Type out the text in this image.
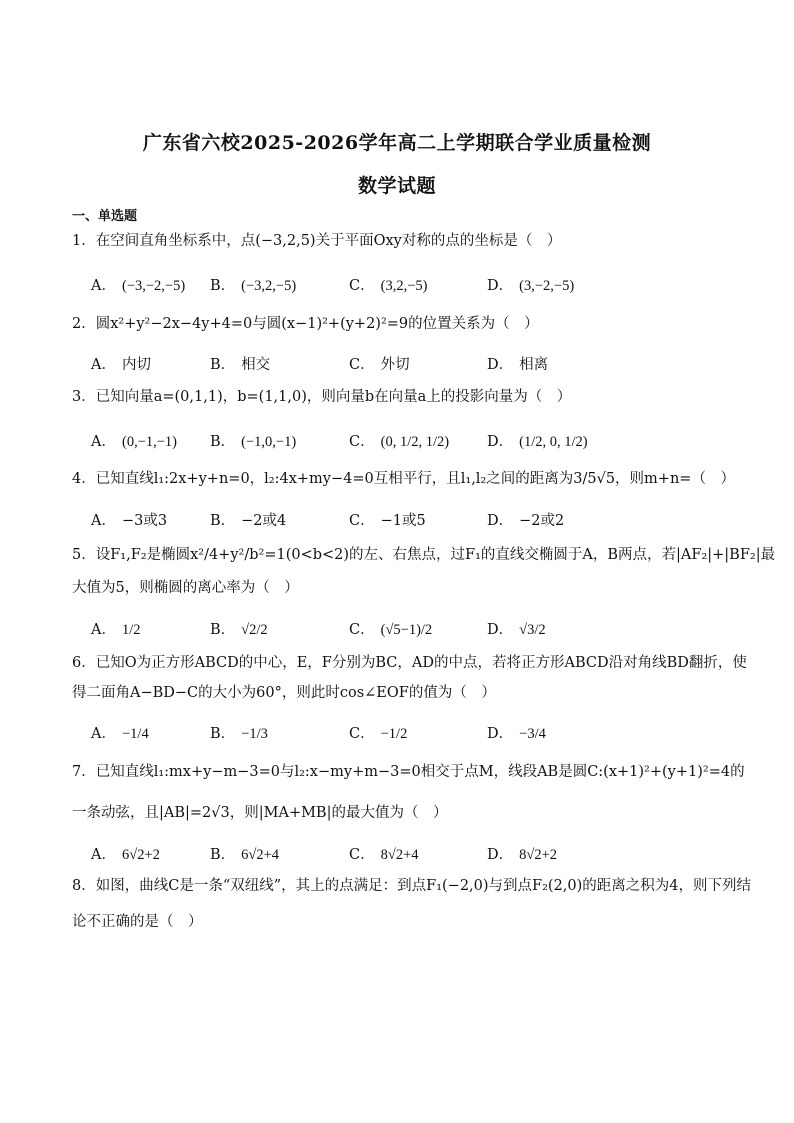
广东省六校2025-2026学年高二上学期联合学业质量检测
数学试题
一、单选题
1．在空间直角坐标系中，点(−3,2,5)关于平面Oxy对称的点的坐标是（　）
A． (−3,−2,−5) B． (−3,2,−5)	C． (3,2,−5)	D． (3,−2,−5)
2．圆x²+y²−2x−4y+4=0与圆(x−1)²+(y+2)²=9的位置关系为（　）
A． 内切	B． 相交	C． 外切	D． 相离
3．已知向量a=(0,1,1)，b=(1,1,0)，则向量b在向量a上的投影向量为（　）
A． (0,−1,−1) B． (−1,0,−1)	C． (0, 1/2, 1/2)	D． (1/2, 0, 1/2)
4．已知直线l₁:2x+y+n=0，l₂:4x+my−4=0互相平行，且l₁,l₂之间的距离为3/5√5，则m+n=（　）
A． −3或3	B． −2或4	C． −1或5	D． −2或2
5．设F₁,F₂是椭圆x²/4+y²/b²=1(0<b<2)的左、右焦点，过F₁的直线交椭圆于A，B两点，若|AF₂|+|BF₂|最
大值为5，则椭圆的离心率为（　）
A． 1/2	B． √2/2	C． (√5−1)/2	D． √3/2
6．已知O为正方形ABCD的中心，E，F分别为BC，AD的中点，若将正方形ABCD沿对角线BD翻折，使
得二面角A−BD−C的大小为60°，则此时cos∠EOF的值为（　）
A． −1/4	B． −1/3	C． −1/2	D． −3/4
7．已知直线l₁:mx+y−m−3=0与l₂:x−my+m−3=0相交于点M，线段AB是圆C:(x+1)²+(y+1)²=4的
一条动弦，且|AB|=2√3，则|MA+MB|的最大值为（　）
A． 6√2+2	B． 6√2+4	C． 8√2+4	D． 8√2+2
8．如图，曲线C是一条“双纽线”，其上的点满足：到点F₁(−2,0)与到点F₂(2,0)的距离之积为4，则下列结
论不正确的是（　）
